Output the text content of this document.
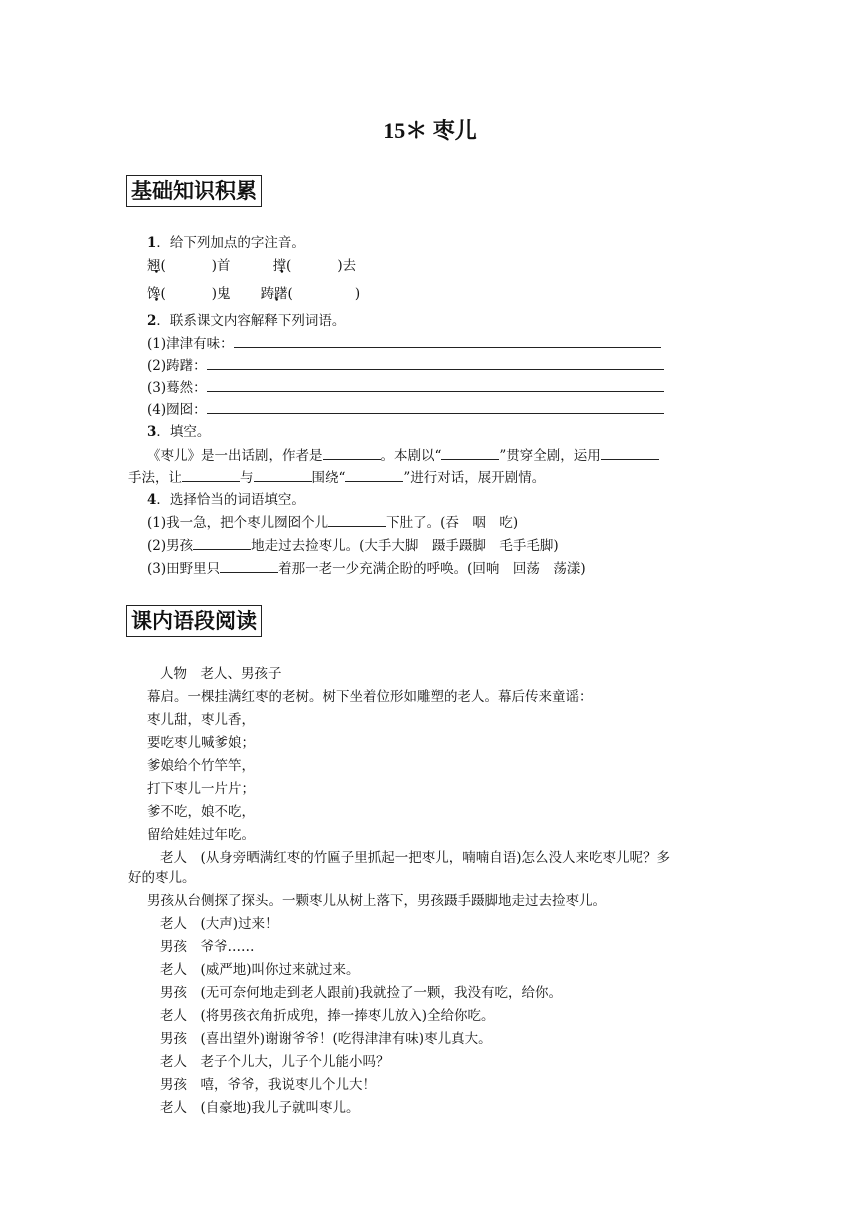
15＊ 枣儿
基础知识积累
1．给下列加点的字注音。
翘( •	)首	撑( •	)去
馋( •	)鬼 踌躇( •	)
2．联系课文内容解释下列词语。
(1)津津有味：
(2)踌躇：
(3)蓦然：
(4)囫囵：
3．填空。
《枣儿》是一出话剧，作者是	。本剧以“	”贯穿全剧，运用
手法，让	与	围绕“	”进行对话，展开剧情。
4．选择恰当的词语填空。
(1)我一急，把个枣儿囫囵个儿	下肚了。(吞　咽　吃)
(2)男孩	地走过去捡枣儿。(大手大脚　蹑手蹑脚　毛手毛脚)
(3)田野里只	着那一老一少充满企盼的呼唤。(回响　回荡　荡漾)
课内语段阅读
人物　老人、男孩子
幕启。一棵挂满红枣的老树。树下坐着位形如雕塑的老人。幕后传来童谣：
枣儿甜，枣儿香，
要吃枣儿喊爹娘；
爹娘给个竹竿竿，
打下枣儿一片片；
爹不吃，娘不吃，
留给娃娃过年吃。
老人　(从身旁晒满红枣的竹匾子里抓起一把枣儿，喃喃自语)怎么没人来吃枣儿呢？多
好的枣儿。
男孩从台侧探了探头。一颗枣儿从树上落下，男孩蹑手蹑脚地走过去捡枣儿。
老人　(大声)过来！
男孩　爷爷……
老人　(威严地)叫你过来就过来。
男孩　(无可奈何地走到老人跟前)我就捡了一颗，我没有吃，给你。
老人　(将男孩衣角折成兜，捧一捧枣儿放入)全给你吃。
男孩　(喜出望外)谢谢爷爷！(吃得津津有味)枣儿真大。
老人　老子个儿大，儿子个儿能小吗？
男孩　嘻，爷爷，我说枣儿个儿大！
老人　(自豪地)我儿子就叫枣儿。
